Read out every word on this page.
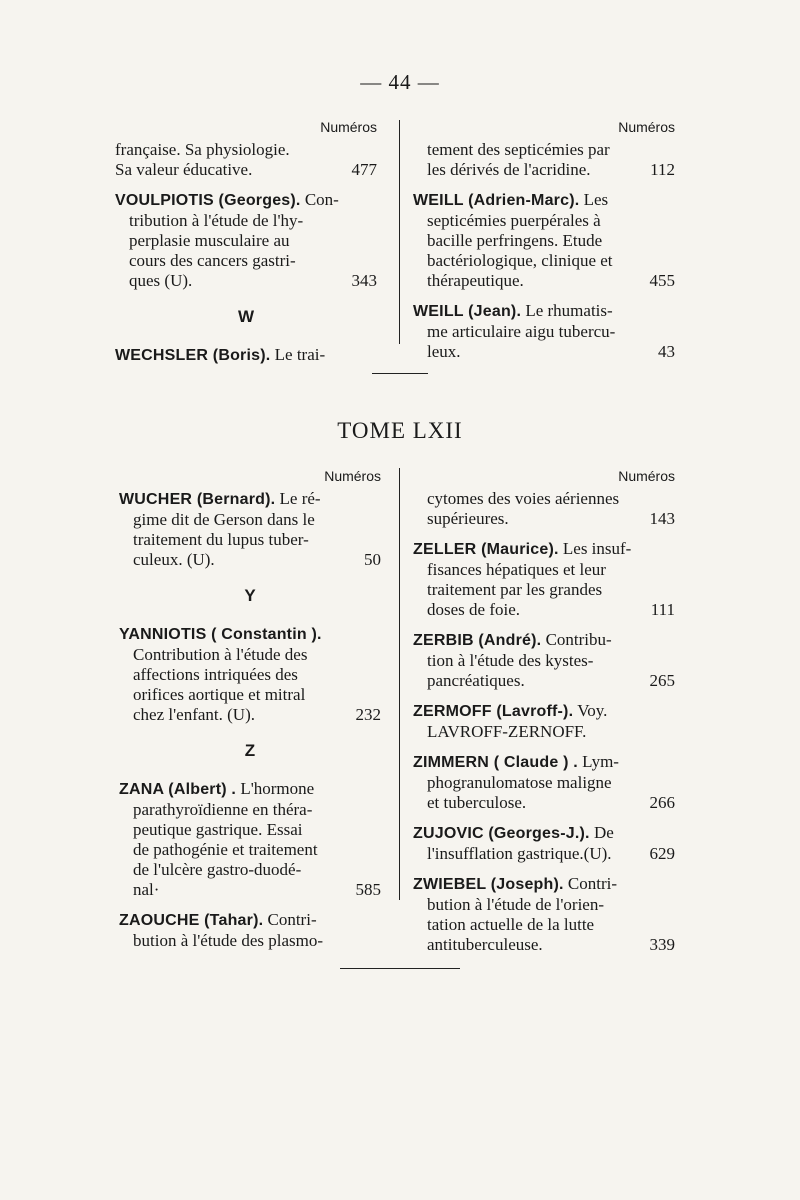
— 44 —
Numéros
française. Sa physiologie.
Sa valeur éducative.	477
VOULPIOTIS (Georges). Con-
tribution à l'étude de l'hy-
perplasie musculaire au
cours des cancers gastri-
ques (U).	343
W
WECHSLER (Boris). Le trai-
Numéros
tement des septicémies par
les dérivés de l'acridine.	112
WEILL (Adrien-Marc). Les
septicémies puerpérales à
bacille perfringens. Etude
bactériologique, clinique et
thérapeutique.	455
WEILL (Jean). Le rhumatis-
me articulaire aigu tubercu-
leux.	43
TOME LXII
Numéros
WUCHER (Bernard). Le ré-
gime dit de Gerson dans le
traitement du lupus tuber-
culeux. (U).	50
Y
YANNIOTIS ( Constantin ).
Contribution à l'étude des
affections intriquées des
orifices aortique et mitral
chez l'enfant. (U).	232
Z
ZANA (Albert) . L'hormone
parathyroïdienne en théra-
peutique gastrique. Essai
de pathogénie et traitement
de l'ulcère gastro-duodé-
nal·	585
ZAOUCHE (Tahar). Contri-
bution à l'étude des plasmo-
Numéros
cytomes des voies aériennes
supérieures.	143
ZELLER (Maurice). Les insuf-
fisances hépatiques et leur
traitement par les grandes
doses de foie.	111
ZERBIB (André). Contribu-
tion à l'étude des kystes-
pancréatiques.	265
ZERMOFF (Lavroff-). Voy.
LAVROFF-ZERNOFF.
ZIMMERN ( Claude ) . Lym-
phogranulomatose maligne
et tuberculose.	266
ZUJOVIC (Georges-J.). De
l'insufflation gastrique.(U). 629
ZWIEBEL (Joseph). Contri-
bution à l'étude de l'orien-
tation actuelle de la lutte
antituberculeuse.	339
